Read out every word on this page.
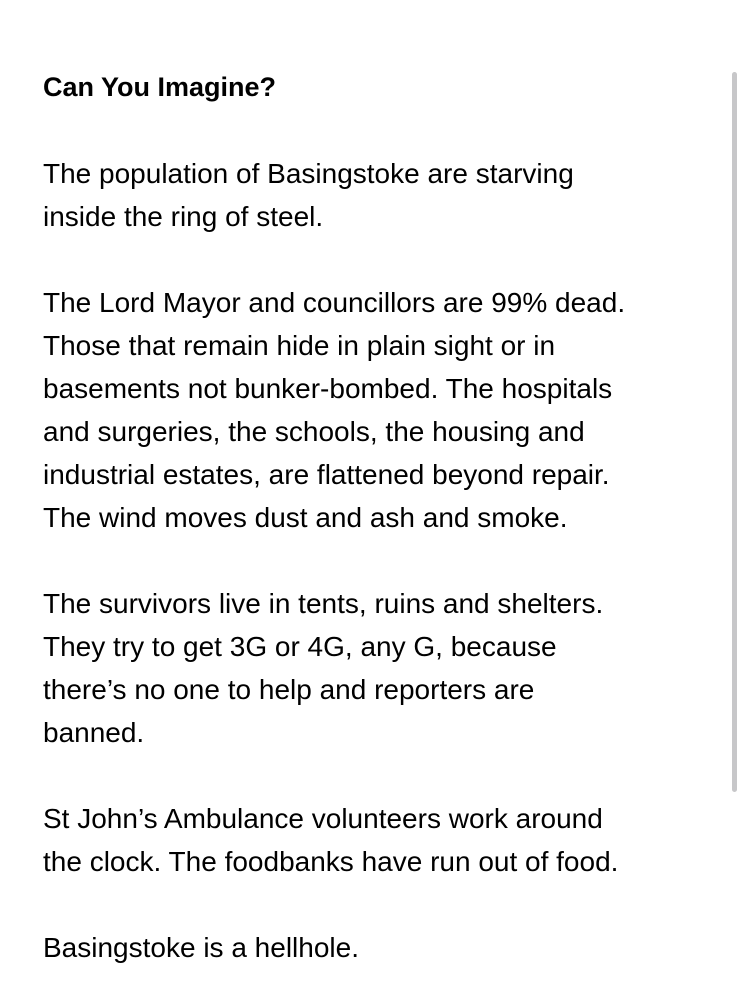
Can You Imagine?

The population of Basingstoke are starving
inside the ring of steel.

The Lord Mayor and councillors are 99% dead.
Those that remain hide in plain sight or in
basements not bunker-bombed. The hospitals
and surgeries, the schools, the housing and
industrial estates, are flattened beyond repair.
The wind moves dust and ash and smoke.

The survivors live in tents, ruins and shelters.
They try to get 3G or 4G, any G, because
there’s no one to help and reporters are
banned.

St John’s Ambulance volunteers work around
the clock. The foodbanks have run out of food.

Basingstoke is a hellhole.
